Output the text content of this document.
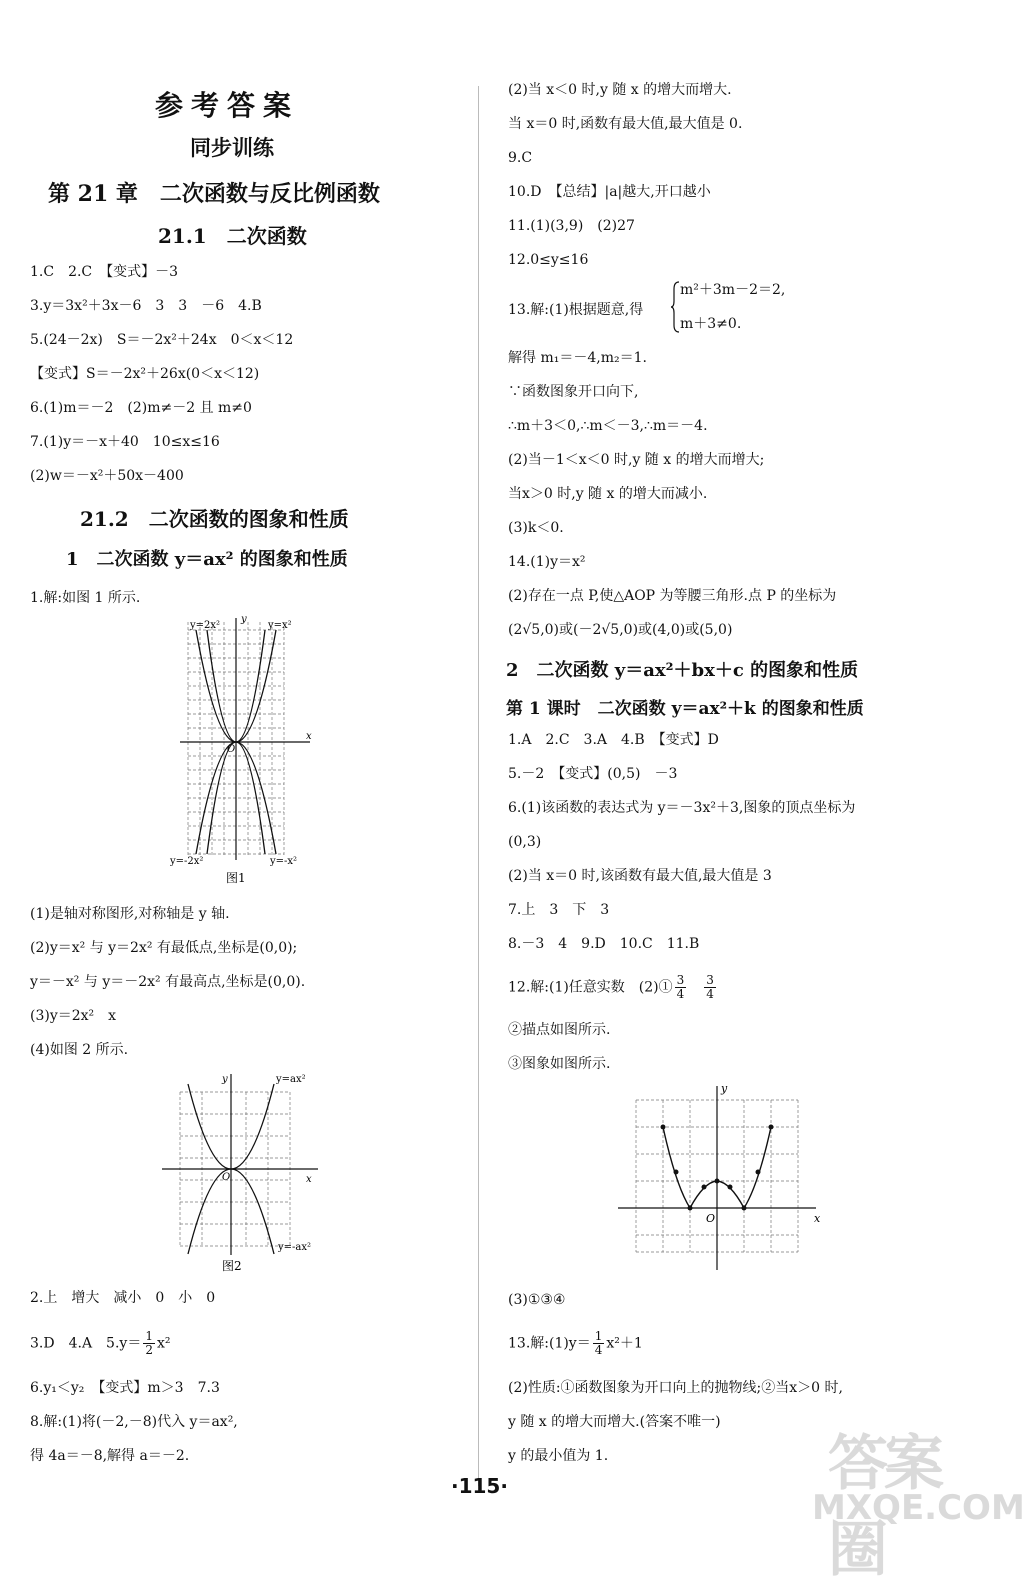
参考答案
同步训练
第 21 章　二次函数与反比例函数
21.1　二次函数
1.C　2.C　【变式】－3
3.y＝3x²＋3x－6　3　3　－6　4.B
5.(24－2x)　S＝－2x²＋24x　0＜x＜12
【变式】S＝－2x²＋26x(0＜x＜12)
6.(1)m＝－2　(2)m≠－2 且 m≠0
7.(1)y＝－x＋40　10≤x≤16
(2)w＝－x²＋50x－400
21.2　二次函数的图象和性质
1　二次函数 y＝ax² 的图象和性质
1.解:如图 1 所示.
y=2x²	y=x²
y=-2x²	y=-x²
x
y
O
图1
(1)是轴对称图形,对称轴是 y 轴.
(2)y＝x² 与 y＝2x² 有最低点,坐标是(0,0);
y＝－x² 与 y＝－2x² 有最高点,坐标是(0,0).
(3)y＝2x²　x
(4)如图 2 所示.
y=ax²
y=-ax²
x
y
O
图2
2.上　增大　减小　0　小　0
3.D　4.A　$5.y= \frac{1}{2} x^2$
6.y₁＜y₂　【变式】m＞3　7.3
8.解:(1)将(－2,－8)代入 y＝ax²,
得 4a＝－8,解得 a＝－2.
(2)当 x＜0 时,y 随 x 的增大而增大.
当 x＝0 时,函数有最大值,最大值是 0.
9.C
10.D　【总结】|a|越大,开口越小
11.(1)(3,9)　(2)27
12.0≤y≤16
13.解:(1)根据题意,得
m²＋3m－2＝2,
m＋3≠0.
解得 m₁＝－4,m₂＝1.
∵函数图象开口向下,
∴m＋3＜0,∴m＜－3,∴m＝－4.
(2)当－1＜x＜0 时,y 随 x 的增大而增大;
当x＞0 时,y 随 x 的增大而减小.
(3)k＜0.
14.(1)y＝x²
(2)存在一点 P,使△AOP 为等腰三角形.点 P 的坐标为
(2√5,0)或(－2√5,0)或(4,0)或(5,0)
2　二次函数 y＝ax²＋bx＋c 的图象和性质
第 1 课时　二次函数 y＝ax²＋k 的图象和性质
1.A　2.C　3.A　4.B　【变式】D
5.－2　【变式】(0,5)　－3
6.(1)该函数的表达式为 y＝－3x²＋3,图象的顶点坐标为
(0,3)
(2)当 x＝0 时,该函数有最大值,最大值是 3
7.上　3　下　3
8.－3　4　9.D　10.C　11.B
12.解:(1)任意实数　(2)① $\frac{3}{4} \frac{3}{4}$
②描点如图所示.
③图象如图所示.
x
y
O
(3)①③④
13.解:(1)y＝ $\frac{1}{4} x^2+1$
(2)性质:①函数图象为开口向上的抛物线;②当x＞0 时,
y 随 x 的增大而增大.(答案不唯一)
y 的最小值为 1.
·115·	答案圈
MXQE.COM
